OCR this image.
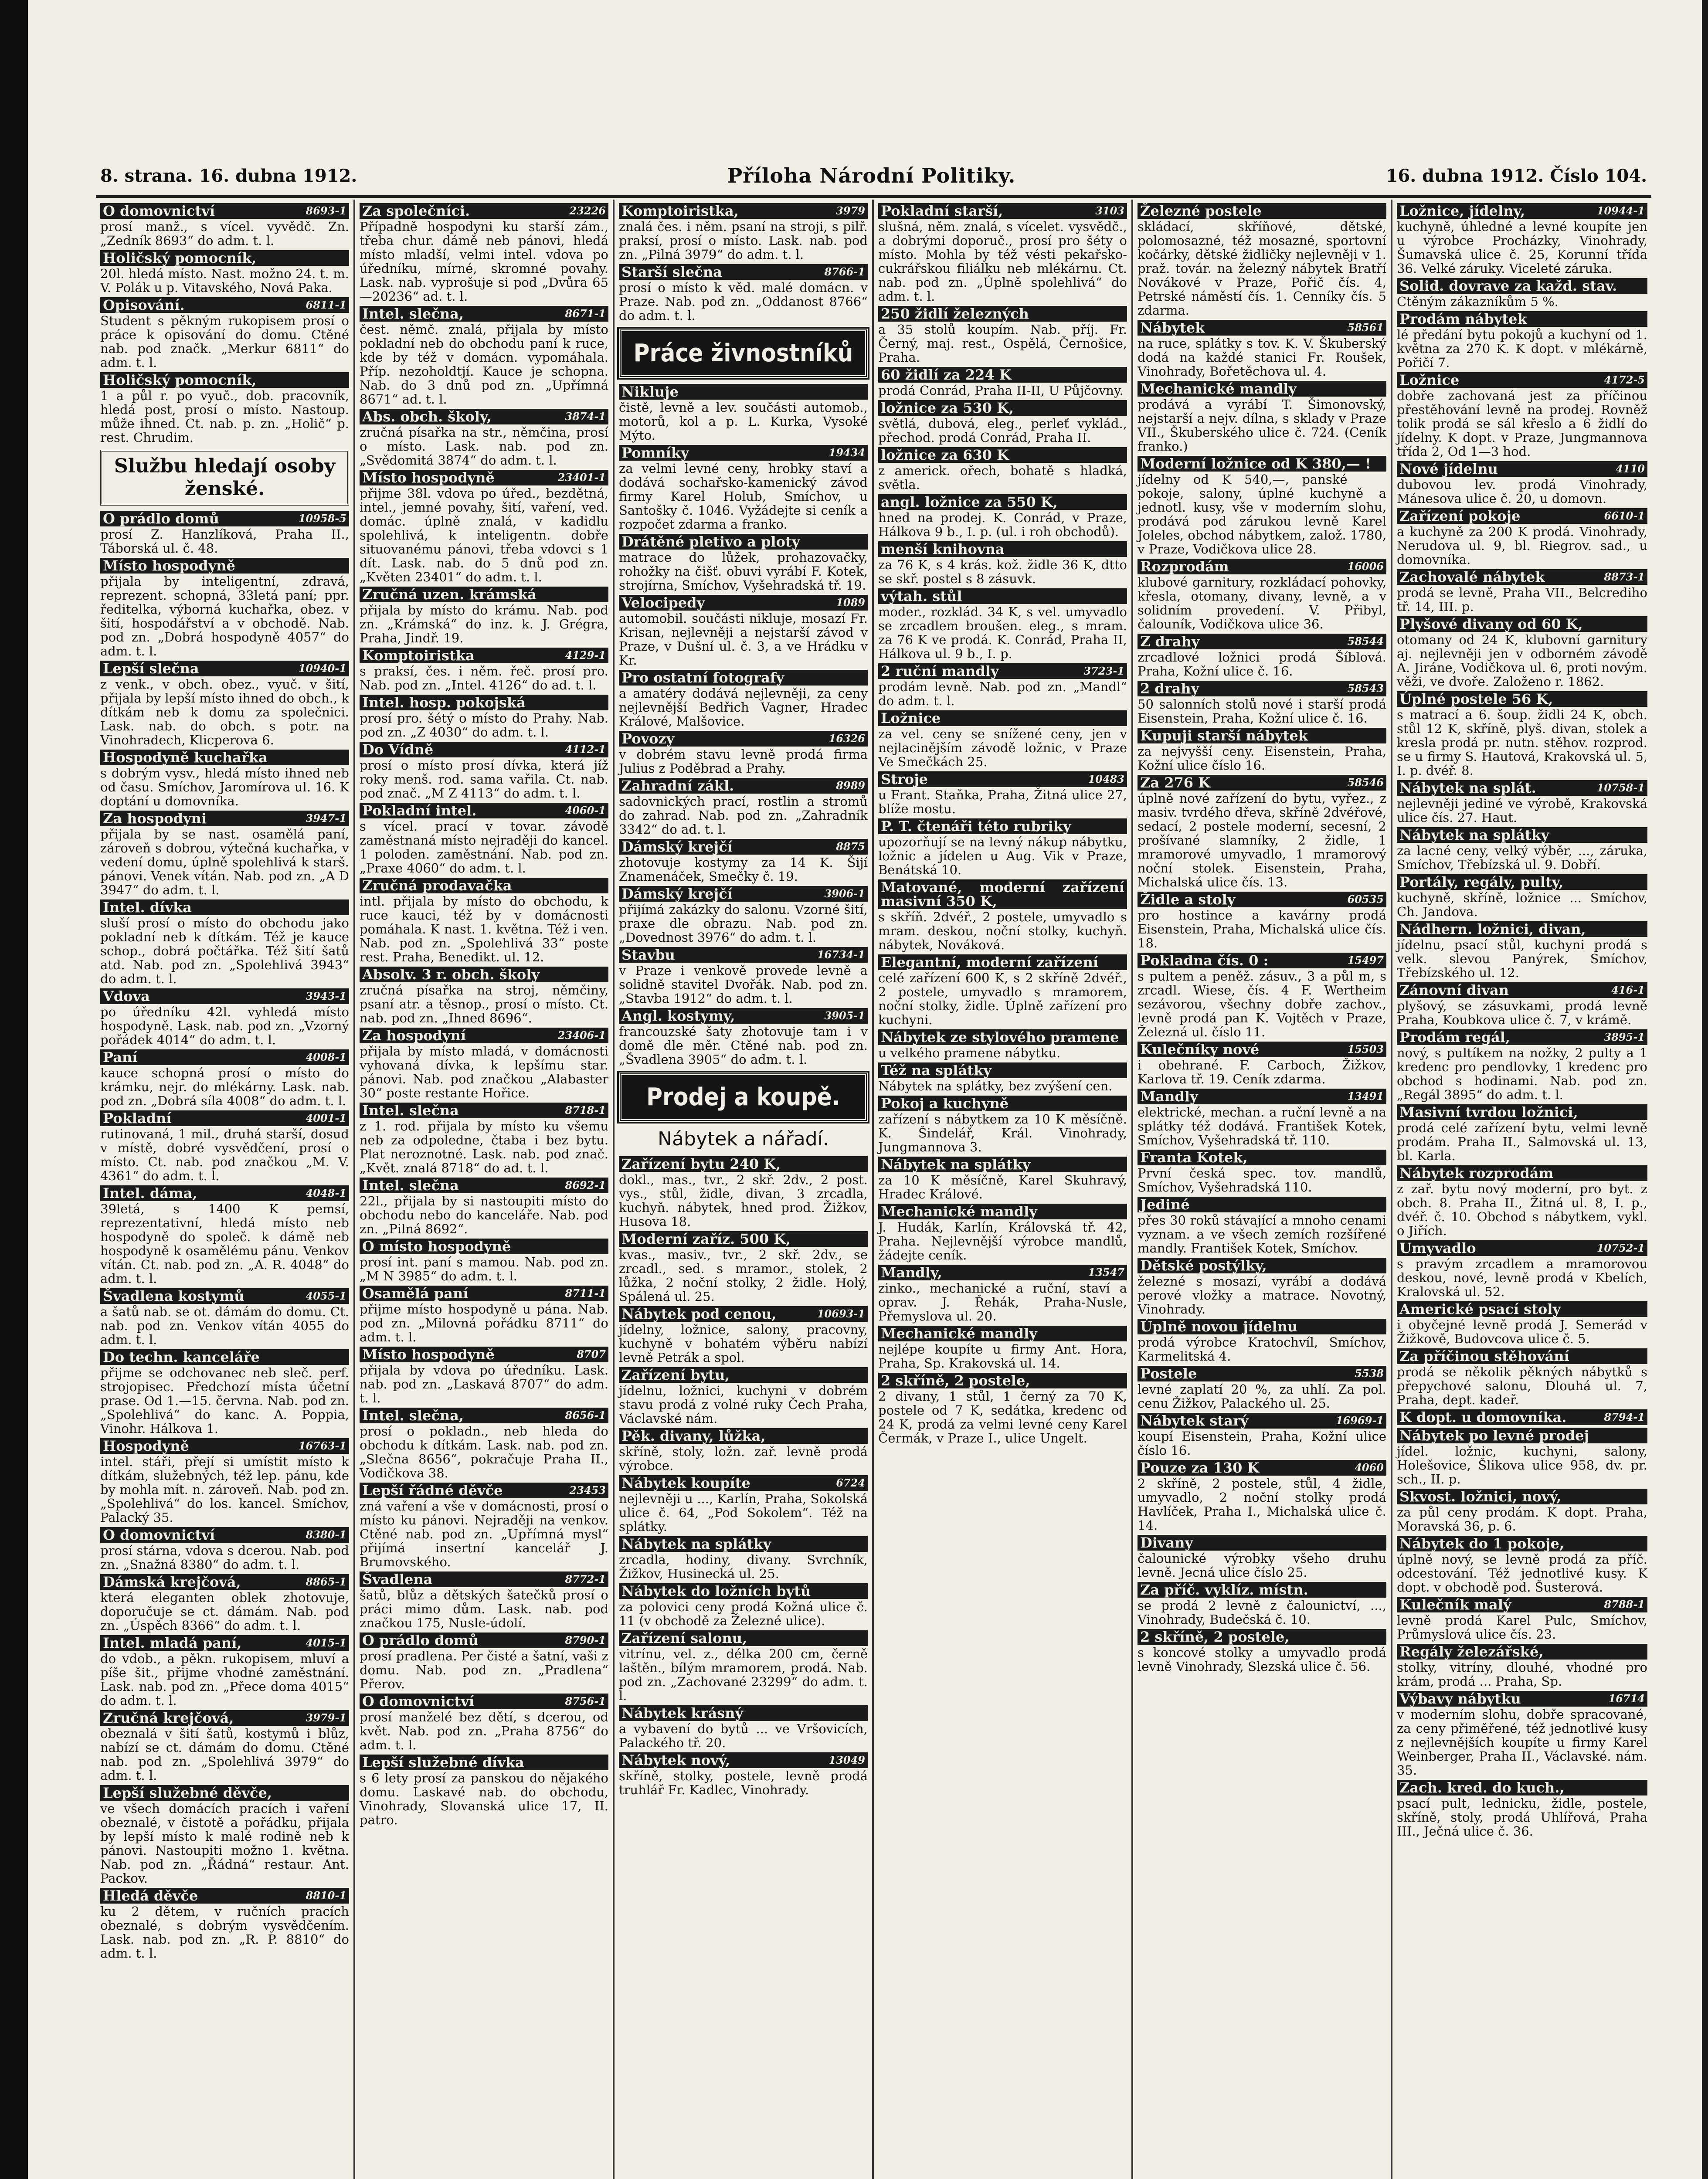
8. strana. 16. dubna 1912.	Příloha Národní Politiky.	16. dubna 1912. Číslo 104.
O domovnictví	8693-1
prosí manž., s vícel. vyvědč. Zn. „Zedník 8693“ do adm. t. l.
Holičský pomocník,
20l. hledá místo. Nast. možno 24. t. m. V. Polák u p. Vitavského, Nová Paka.
Opisování.	6811-1
Student s pěkným rukopisem prosí o práce k opisování do domu. Ctěné nab. pod značk. „Merkur 6811“ do adm. t. l.
Holičský pomocník,
1 a půl r. po vyuč., dob. pracovník, hledá post, prosí o místo. Nastoup. může ihned. Ct. nab. p. zn. „Holič“ p. rest. Chrudim.
Službu hledají osoby ženské.
O prádlo domů	10958-5
prosí Z. Hanzlíková, Praha II., Táborská ul. č. 48.
Místo hospodyně
přijala by inteligentní, zdravá, reprezent. schopná, 33letá paní; ppr. ředitelka, výborná kuchařka, obez. v šití, hospodářství a v obchodě. Nab. pod zn. „Dobrá hospodyně 4057“ do adm. t. l.
Lepší slečna	10940-1
z venk., v obch. obez., vyuč. v šití, přijala by lepší místo ihned do obch., k dítkám neb k domu za společnici. Lask. nab. do obch. s potr. na Vinohradech, Klicperova 6.
Hospodyně kuchařka
s dobrým vysv., hledá místo ihned neb od času. Smíchov, Jaromírova ul. 16. K doptání u domovníka.
Za hospodyni	3947-1
přijala by se nast. osamělá paní, zároveň s dobrou, výtečná kuchařka, v vedení domu, úplně spolehlivá k starš. pánovi. Venek vítán. Nab. pod zn. „A D 3947“ do adm. t. l.
Intel. dívka
sluší prosí o místo do obchodu jako pokladní neb k dítkám. Též je kauce schop., dobrá počtářka. Též šití šatů atd. Nab. pod zn. „Spolehlivá 3943“ do adm. t. l.
Vdova	3943-1
po úředníku 42l. vyhledá místo hospodyně. Lask. nab. pod zn. „Vzorný pořádek 4014“ do adm. t. l.
Paní	4008-1
kauce schopná prosí o místo do krámku, nejr. do mlékárny. Lask. nab. pod zn. „Dobrá síla 4008“ do adm. t. l.
Pokladní	4001-1
rutinovaná, 1 mil., druhá starší, dosud v místě, dobré vysvědčení, prosí o místo. Ct. nab. pod značkou „M. V. 4361“ do adm. t. l.
Intel. dáma,	4048-1
39letá, s 1400 K pemsí, reprezentativní, hledá místo neb hospodyně do společ. k dámě neb hospodyně k osamělému pánu. Venkov vítán. Ct. nab. pod zn. „A. R. 4048“ do adm. t. l.
Švadlena kostymů	4055-1
a šatů nab. se ot. dámám do domu. Ct. nab. pod zn. Venkov vítán 4055 do adm. t. l.
Do techn. kanceláře
přijme se odchovanec neb sleč. perf. strojopisec. Předchozí místa účetní prase. Od 1.—15. června. Nab. pod zn. „Spolehlivá“ do kanc. A. Poppia, Vinohr. Hálkova 1.
Hospodyně	16763-1
intel. stáři, přejí si umístit místo k dítkám, služebných, též lep. pánu, kde by mohla mít. n. zároveň. Nab. pod zn. „Spolehlivá“ do los. kancel. Smíchov, Palacký 35.
O domovnictví	8380-1
prosí stárna, vdova s dcerou. Nab. pod zn. „Snažná 8380“ do adm. t. l.
Dámská krejčová,	8865-1
která eleganten oblek zhotovuje, doporučuje se ct. dámám. Nab. pod zn. „Úspěch 8366“ do adm. t. l.
Intel. mladá paní,	4015-1
do vdob., a pěkn. rukopisem, mluví a píše šit., přijme vhodné zaměstnání. Lask. nab. pod zn. „Přece doma 4015“ do adm. t. l.
Zručná krejčová,	3979-1
obeznalá v šití šatů, kostymů i blůz, nabízí se ct. dámám do domu. Ctěné nab. pod zn. „Spolehlivá 3979“ do adm. t. l.
Lepší služebné děvče,
ve všech domácích pracích i vaření obeznalé, v čistotě a pořádku, přijala by lepší místo k malé rodině neb k pánovi. Nastoupiti možno 1. května. Nab. pod zn. „Řádná“ restaur. Ant. Packov.
Hledá děvče	8810-1
ku 2 dětem, v ručních pracích obeznalé, s dobrým vysvědčením. Lask. nab. pod zn. „R. P. 8810“ do adm. t. l.
Za společníci.	23226
Případně hospodyni ku starší zám., třeba chur. dámě neb pánovi, hledá místo mladší, velmi intel. vdova po úředníku, mírné, skromné povahy. Lask. nab. vyprošuje si pod „Dvůra 65—20236“ ad. t. l.
Intel. slečna,	8671-1
čest. němč. znalá, přijala by místo pokladní neb do obchodu paní k ruce, kde by též v domácn. vypomáhala. Příp. nezoholdtjí. Kauce je schopna. Nab. do 3 dnů pod zn. „Upřímná 8671“ ad. t. l.
Abs. obch. školy,	3874-1
zručná písařka na str., němčina, prosí o místo. Lask. nab. pod zn. „Svědomitá 3874“ do adm. t. l.
Místo hospodyně	23401-1
přijme 38l. vdova po úřed., bezdětná, intel., jemné povahy, šití, vaření, ved. domác. úplně znalá, v kadidlu spolehlivá, k inteligentn. dobře situovanému pánovi, třeba vdovci s 1 dít. Lask. nab. do 5 dnů pod zn. „Květen 23401“ do adm. t. l.
Zručná uzen. krámská
přijala by místo do krámu. Nab. pod zn. „Krámská“ do inz. k. J. Grégra, Praha, Jindř. 19.
Komptoiristka	4129-1
s praksí, čes. i něm. řeč. prosí pro. Nab. pod zn. „Intel. 4126“ do ad. t. l.
Intel. hosp. pokojská
prosí pro. šétý o místo do Prahy. Nab. pod zn. „Z 4030“ do adm. t. l.
Do Vídně	4112-1
prosí o místo prosí dívka, která jíž roky menš. rod. sama vařila. Ct. nab. pod znač. „M Z 4113“ do adm. t. l.
Pokladní intel.	4060-1
s vícel. prací v tovar. závodě zaměstnaná místo nejraději do kancel. 1 poloden. zaměstnání. Nab. pod zn. „Praxe 4060“ do adm. t. l.
Zručná prodavačka
intl. přijala by místo do obchodu, k ruce kauci, též by v domácnosti pomáhala. K nast. 1. května. Též i ven. Nab. pod zn. „Spolehlivá 33“ poste rest. Praha, Benedikt. ul. 12.
Absolv. 3 r. obch. školy
zručná písařka na stroj, němčiny, psaní atr. a těsnop., prosí o místo. Ct. nab. pod zn. „Ihned 8696“.
Za hospodyní	23406-1
přijala by místo mladá, v domácnosti vyhovaná dívka, k lepšímu star. pánovi. Nab. pod značkou „Alabaster 30“ poste restante Hořice.
Intel. slečna	8718-1
z 1. rod. přijala by místo ku všemu neb za odpoledne, čtaba i bez bytu. Plat neroznotné. Lask. nab. pod znač. „Květ. znalá 8718“ do ad. t. l.
Intel. slečna	8692-1
22l., přijala by si nastoupiti místo do obchodu nebo do kanceláře. Nab. pod zn. „Pilná 8692“.
O místo hospodyně
prosí int. paní s mamou. Nab. pod zn. „M N 3985“ do adm. t. l.
Osamělá paní	8711-1
přijme místo hospodyně u pána. Nab. pod zn. „Milovná pořádku 8711“ do adm. t. l.
Místo hospodyně	8707
přijala by vdova po úředníku. Lask. nab. pod zn. „Laskavá 8707“ do adm. t. l.
Intel. slečna,	8656-1
prosí o pokladn., neb hleda do obchodu k dítkám. Lask. nab. pod zn. „Slečna 8656“, pokračuje Praha II., Vodičkova 38.
Lepší řádné děvče	23453
zná vaření a vše v domácnosti, prosí o místo ku pánovi. Nejraději na venkov. Ctěné nab. pod zn. „Upřímná mysl“ přijímá insertní kancelář J. Brumovského.
Švadlena	8772-1
šatů, blůz a dětských šatečků prosí o práci mimo dům. Lask. nab. pod značkou 175, Nusle-údolí.
O prádlo domů	8790-1
prosí pradlena. Per čisté a šatní, vaši z domu. Nab. pod zn. „Pradlena“ Přerov.
O domovnictví	8756-1
prosí manželé bez dětí, s dcerou, od květ. Nab. pod zn. „Praha 8756“ do adm. t. l.
Lepší služebné dívka
s 6 lety prosí za panskou do nějakého domu. Laskavé nab. do obchodu, Vinohrady, Slovanská ulice 17, II. patro.
Komptoiristka,	3979
znalá čes. i něm. psaní na stroji, s pilř. praksí, prosí o místo. Lask. nab. pod zn. „Pilná 3979“ do adm. t. l.
Starší slečna	8766-1
prosí o místo k věd. malé domácn. v Praze. Nab. pod zn. „Oddanost 8766“ do adm. t. l.
Práce živnostníků
Nikluje
čistě, levně a lev. součásti automob., motorů, kol a p. L. Kurka, Vysoké Mýto.
Pomníky	19434
za velmi levné ceny, hrobky staví a dodává sochařsko-kamenický závod firmy Karel Holub, Smíchov, u Santošky č. 1046. Vyžádejte si ceník a rozpočet zdarma a franko.
Drátěné pletivo a ploty
matrace do lůžek, prohazovačky, rohožky na čišť. obuvi vyrábí F. Kotek, strojírna, Smíchov, Vyšehradská tř. 19.
Velocipedy	1089
automobil. součásti nikluje, mosazí Fr. Krisan, nejlevněji a nejstarší závod v Praze, v Dušní ul. č. 3, a ve Hrádku v Kr.
Pro ostatní fotografy
a amatéry dodává nejlevněji, za ceny nejlevnější Bedřich Vagner, Hradec Králové, Malšovice.
Povozy	16326
v dobrém stavu levně prodá firma Julius z Poděbrad a Prahy.
Zahradní zákl.	8989
sadovnických prací, rostlin a stromů do zahrad. Nab. pod zn. „Zahradník 3342“ do ad. t. l.
Dámský krejčí	8875
zhotovuje kostymy za 14 K. Šijí Znamenáček, Smečky č. 19.
Dámský krejčí	3906-1
přijímá zakázky do salonu. Vzorné šití, praxe dle obrazu. Nab. pod zn. „Dovednost 3976“ do adm. t. l.
Stavbu	16734-1
v Praze i venkově provede levně a solidně stavitel Dvořák. Nab. pod zn. „Stavba 1912“ do adm. t. l.
Angl. kostymy,	3905-1
francouzské šaty zhotovuje tam i v domě dle měr. Ctěné nab. pod zn. „Švadlena 3905“ do adm. t. l.
Prodej a koupě.
Nábytek a nářadí.
Zařízení bytu 240 K,
dokl., mas., tvr., 2 skř. 2dv., 2 post. vys., stůl, židle, divan, 3 zrcadla, kuchyň. nábytek, hned prod. Žižkov, Husova 18.
Moderní zaříz. 500 K,
kvas., masiv., tvr., 2 skř. 2dv., se zrcadl., sed. s mramor., stolek, 2 lůžka, 2 noční stolky, 2 židle. Holý, Spálená ul. 25.
Nábytek pod cenou,	10693-1
jídelny, ložnice, salony, pracovny, kuchyně v bohatém výběru nabízí levně Petrák a spol.
Zařízení bytu,
jídelnu, ložnici, kuchyni v dobrém stavu prodá z volné ruky Čech Praha, Václavské nám.
Pěk. divany, lůžka,
skříně, stoly, ložn. zař. levně prodá výrobce.
Nábytek koupíte	6724
nejlevněji u ..., Karlín, Praha, Sokolská ulice č. 64, „Pod Sokolem“. Též na splátky.
Nábytek na splátky
zrcadla, hodiny, divany. Svrchník, Žižkov, Husinecká ul. 25.
Nábytek do ložních bytů
za polovici ceny prodá Kožná ulice č. 11 (v obchodě za Železné ulice).
Zařízení salonu,
vitrínu, vel. z., délka 200 cm, černě laštěn., bílým mramorem, prodá. Nab. pod zn. „Zachované 23299“ do adm. t. l.
Nábytek krásný
a vybavení do bytů ... ve Vršovicích, Palackého tř. 20.
Nábytek nový,	13049
skříně, stolky, postele, levně prodá truhlář Fr. Kadlec, Vinohrady.
Pokladní starší,	3103
slušná, něm. znalá, s vícelet. vysvědč., a dobrými doporuč., prosí pro šéty o místo. Mohla by též vésti pekařsko-cukrářskou filiálku neb mlékárnu. Ct. nab. pod zn. „Úplně spolehlivá“ do adm. t. l.
250 židlí železných
a 35 stolů koupím. Nab. příj. Fr. Černý, maj. rest., Ospělá, Černošice, Praha.
60 židlí za 224 K
prodá Conrád, Praha II-II, U Půjčovny.
ložnice za 530 K,
světlá, dubová, eleg., perleť vyklád., přechod. prodá Conrád, Praha II.
ložnice za 630 K
z americk. ořech, bohatě s hladká, světla.
angl. ložnice za 550 K,
hned na prodej. K. Conrád, v Praze, Hálkova 9 b., I. p. (ul. i roh obchodů).
menší knihovna
za 76 K, s 4 krás. kož. židle 36 K, dtto se skř. postel s 8 zásuvk.
výtah. stůl
moder., rozklád. 34 K, s vel. umyvadlo se zrcadlem broušen. eleg., s mram. za 76 K ve prodá. K. Conrád, Praha II, Hálkova ul. 9 b., I. p.
2 ruční mandly	3723-1
prodám levně. Nab. pod zn. „Mandl“ do adm. t. l.
Ložnice
za vel. ceny se snížené ceny, jen v nejlacinějším závodě ložnic, v Praze Ve Smečkách 25.
Stroje	10483
u Frant. Staňka, Praha, Žitná ulice 27, blíže mostu.
P. T. čtenáři této rubriky
upozorňují se na levný nákup nábytku, ložnic a jídelen u Aug. Vik v Praze, Benátská 10.
Matované, moderní zařízení masivní 350 K,
s skříň. 2dvéř., 2 postele, umyvadlo s mram. deskou, noční stolky, kuchyň. nábytek, Nováková.
Elegantní, moderní zařízení
celé zařízení 600 K, s 2 skříně 2dvéř., 2 postele, umyvadlo s mramorem, noční stolky, židle. Úplně zařízení pro kuchyni.
Nábytek ze stylového pramene
15807
u velkého pramene nábytku.
Též na splátky
Nábytek na splátky, bez zvýšení cen.
Pokoj a kuchyně
zařízení s nábytkem za 10 K měsíčně. K. Šindelář, Král. Vinohrady, Jungmannova 3.
Nábytek na splátky
za 10 K měsíčně, Karel Skuhravý, Hradec Králové.
Mechanické mandly
J. Hudák, Karlín, Královská tř. 42, Praha. Nejlevnější výrobce mandlů, žádejte ceník.
Mandly,	13547
zinko., mechanické a ruční, staví a oprav. J. Řehák, Praha-Nusle, Přemyslova ul. 20.
Mechanické mandly
nejlépe koupíte u firmy Ant. Hora, Praha, Sp. Krakovská ul. 14.
2 skříně, 2 postele,
2 divany, 1 stůl, 1 černý za 70 K, postele od 7 K, sedátka, kredenc od 24 K, prodá za velmi levné ceny Karel Čermák, v Praze I., ulice Ungelt.
Železné postele
skládací, skříňové, dětské, polomosazné, též mosazné, sportovní kočárky, dětské židličky nejlevněji v 1. praž. továr. na železný nábytek Bratří Novákové v Praze, Pořič čís. 4, Petrské náměstí čís. 1. Cenníky čís. 5 zdarma.
Nábytek	58561
na ruce, splátky s tov. K. V. Škuberský dodá na každé stanici Fr. Roušek, Vinohrady, Bořetěchova ul. 4.
Mechanické mandly
prodává a vyrábí T. Šimonovský, nejstarší a nejv. dílna, s sklady v Praze VII., Škuberského ulice č. 724. (Ceník franko.)
Moderní ložnice od K 380,— !
15734
jídelny od K 540,—, panské pokoje, salony, úplné kuchyně a jednotl. kusy, vše v moderním slohu, prodává pod zárukou levně Karel Joleles, obchod nábytkem, založ. 1780, v Praze, Vodičkova ulice 28.
Rozprodám	16006
klubové garnitury, rozkládací pohovky, křesla, otomany, divany, levně, a v solidním provedení. V. Přibyl, čalouník, Vodičkova ulice 36.
Z drahy	58544
zrcadlové ložnici prodá Šíblová. Praha, Kožní ulice č. 16.
2 drahy	58543
50 salonních stolů nové i starší prodá Eisenstein, Praha, Kožní ulice č. 16.
Kupuji starší nábytek
za nejvyšší ceny. Eisenstein, Praha, Kožní ulice číslo 16.
Za 276 K	58546
úplně nové zařízení do bytu, vyřez., z masiv. tvrdého dřeva, skříně 2dvéřové, sedací, 2 postele moderní, secesní, 2 prošívané slamníky, 2 židle, 1 mramorové umyvadlo, 1 mramorový noční stolek. Eisenstein, Praha, Michalská ulice čís. 13.
Židle a stoly	60535
pro hostince a kavárny prodá Eisenstein, Praha, Michalská ulice čís. 18.
Pokladna čís. 0 :	15497
s pultem a peněž. zásuv., 3 a půl m, s zrcadl. Wiese, čís. 4 F. Wertheim sezávorou, všechny dobře zachov., levně prodá pan K. Vojtěch v Praze, Železná ul. číslo 11.
Kulečníky nové	15503
i obehrané. F. Carboch, Žižkov, Karlova tř. 19. Ceník zdarma.
Mandly	13491
elektrické, mechan. a ruční levně a na splátky též dodává. František Kotek, Smíchov, Vyšehradská tř. 110.
Franta Kotek,
První česká spec. tov. mandlů, Smíchov, Vyšehradská 110.
Jediné
přes 30 roků stávající a mnoho cenami vyznam. a ve všech zemích rozšířené mandly. František Kotek, Smíchov.
Dětské postýlky,
železné s mosazí, vyrábí a dodává perové vložky a matrace. Novotný, Vinohrady.
Úplně novou jídelnu
prodá výrobce Kratochvíl, Smíchov, Karmelitská 4.
Postele	5538
levné zaplatí 20 %, za uhlí. Za pol. cenu Žižkov, Palackého ul. 25.
Nábytek starý	16969-1
koupí Eisenstein, Praha, Kožní ulice číslo 16.
Pouze za 130 K	4060
2 skříně, 2 postele, stůl, 4 židle, umyvadlo, 2 noční stolky prodá Havlíček, Praha I., Michalská ulice č. 14.
Divany
čalounické výrobky všeho druhu levně. Jecná ulice číslo 25.
Za příč. vyklíz. místn.
se prodá 2 levně z čalounictví, ..., Vinohrady, Budečská č. 10.
2 skříně, 2 postele,
s koncové stolky a umyvadlo prodá levně Vinohrady, Slezská ulice č. 56.
Ložnice, jídelny,	10944-1
kuchyně, úhledné a levné koupíte jen u výrobce Procházky, Vinohrady, Šumavská ulice č. 25, Korunní třída 36. Velké záruky. Viceleté záruka.
Solid. dovrave za každ. stav.
Ctěným zákazníkům 5 %.
Prodám nábytek
lé předání bytu pokojů a kuchyní od 1. května za 270 K. K dopt. v mlékárně, Pořičí 7.
Ložnice	4172-5
dobře zachovaná jest za příčinou přestěhování levně na prodej. Rovněž tolik prodá se sál křeslo a 6 židlí do jídelny. K dopt. v Praze, Jungmannova třída 2, Od 1—3 hod.
Nové jídelnu	4110
dubovou lev. prodá Vinohrady, Mánesova ulice č. 20, u domovn.
Zařízení pokoje	6610-1
a kuchyně za 200 K prodá. Vinohrady, Nerudova ul. 9, bl. Riegrov. sad., u domovníka.
Zachovalé nábytek	8873-1
prodá se levně, Praha VII., Belcrediho tř. 14, III. p.
Plyšové divany od 60 K,
otomany od 24 K, klubovní garnitury aj. nejlevněji jen v odborném závodě A. Jiráne, Vodičkova ul. 6, proti novým. věži, ve dvoře. Založeno r. 1862.
Úplné postele 56 K,
s matrací a 6. šoup. židli 24 K, obch. stůl 12 K, skříně, plyš. divan, stolek a kresla prodá pr. nutn. stěhov. rozprod. se u firmy S. Hautová, Krakovská ul. 5, I. p. dvéř. 8.
Nábytek na splát.	10758-1
nejlevněji jediné ve výrobě, Krakovská ulice čís. 27. Haut.
Nábytek na splátky
za lacné ceny, velký výběr, ..., záruka, Smíchov, Třebízská ul. 9. Dobří.
Portály, regály, pulty,
kuchyně, skříně, ložnice ... Smíchov, Ch. Jandova.
Nádhern. ložnici, divan,
jídelnu, psací stůl, kuchyni prodá s velk. slevou Panýrek, Smíchov, Třebízského ul. 12.
Zánovní divan	416-1
plyšový, se zásuvkami, prodá levně Praha, Koubkova ulice č. 7, v krámě.
Prodám regál,	3895-1
nový, s pultíkem na nožky, 2 pulty a 1 kredenc pro pendlovky, 1 kredenc pro obchod s hodinami. Nab. pod zn. „Regál 3895“ do adm. t. l.
Masivní tvrdou ložnici,
prodá celé zařízení bytu, velmi levně prodám. Praha II., Salmovská ul. 13, bl. Karla.
Nábytek rozprodám
z zař. bytu nový moderní, pro byt. z obch. 8. Praha II., Žitná ul. 8, I. p., dvéř. č. 10. Obchod s nábytkem, vykl. o Jiřích.
Umyvadlo	10752-1
s pravým zrcadlem a mramorovou deskou, nové, levně prodá v Kbelích, Kralovská ul. 52.
Americké psací stoly
i obyčejné levně prodá J. Semerád v Žižkově, Budovcova ulice č. 5.
Za příčinou stěhování
prodá se několik pěkných nábytků s přepychové salonu, Dlouhá ul. 7, Praha, dept. kadeř.
K dopt. u domovníka.	8794-1
Nábytek po levné prodej
jídel. ložnic, kuchyni, salony, Holešovice, Šlikova ulice 958, dv. pr. sch., II. p.
Skvost. ložnici, nový,
za půl ceny prodám. K dopt. Praha, Moravská 36, p. 6.
Nábytek do 1 pokoje,
úplně nový, se levně prodá za příč. odcestování. Též jednotlivé kusy. K dopt. v obchodě pod. Šusterová.
Kulečník malý	8788-1
levně prodá Karel Pulc, Smíchov, Průmyslová ulice čís. 23.
Regály železářské,
stolky, vitríny, dlouhé, vhodné pro krám, prodá ... Praha, Sp.
Výbavy nábytku	16714
v moderním slohu, dobře spracované, za ceny přiměřené, též jednotlivé kusy z nejlevnějších koupíte u firmy Karel Weinberger, Praha II., Václavské. nám. 35.
Zach. kred. do kuch.,
psací pult, lednicku, židle, postele, skříně, stoly, prodá Uhlířová, Praha III., Ječná ulice č. 36.
